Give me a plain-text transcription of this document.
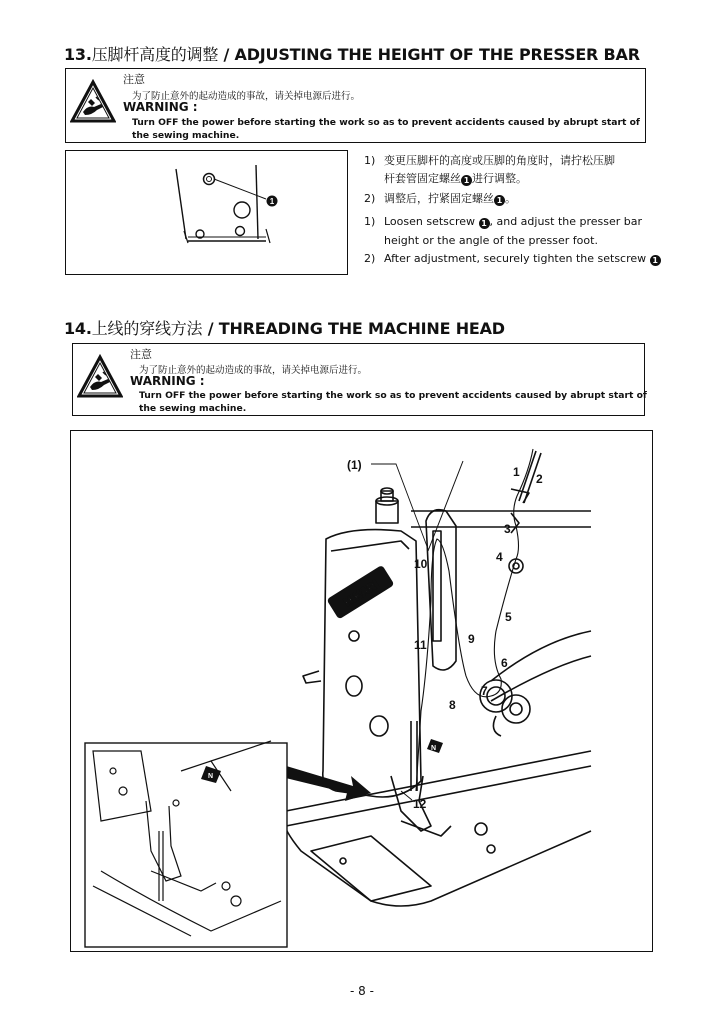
13.压脚杆高度的调整 / ADJUSTING THE HEIGHT OF THE PRESSER BAR
注意
为了防止意外的起动造成的事故，请关掉电源后进行。
WARNING :
Turn OFF the power before starting the work so as to prevent accidents caused by abrupt start of the sewing machine.
1
1) 变更压脚杆的高度或压脚的角度时，请拧松压脚
杆套管固定螺丝 1 进行调整。
2) 调整后，拧紧固定螺丝 1 。
1) Loosen setscrew 1 , and adjust the presser bar
height or the angle of the presser foot.
2) After adjustment, securely tighten the setscrew 1
14.上线的穿线方法 / THREADING THE MACHINE HEAD
注意
为了防止意外的起动造成的事故，请关掉电源后进行。
WARNING :
Turn OFF the power before starting the work so as to prevent accidents caused by abrupt start of the sewing machine.
HIKARI
N
N
(1)	1 2
3
4
5
6
7
8
9
10
11
12
- 8 -
